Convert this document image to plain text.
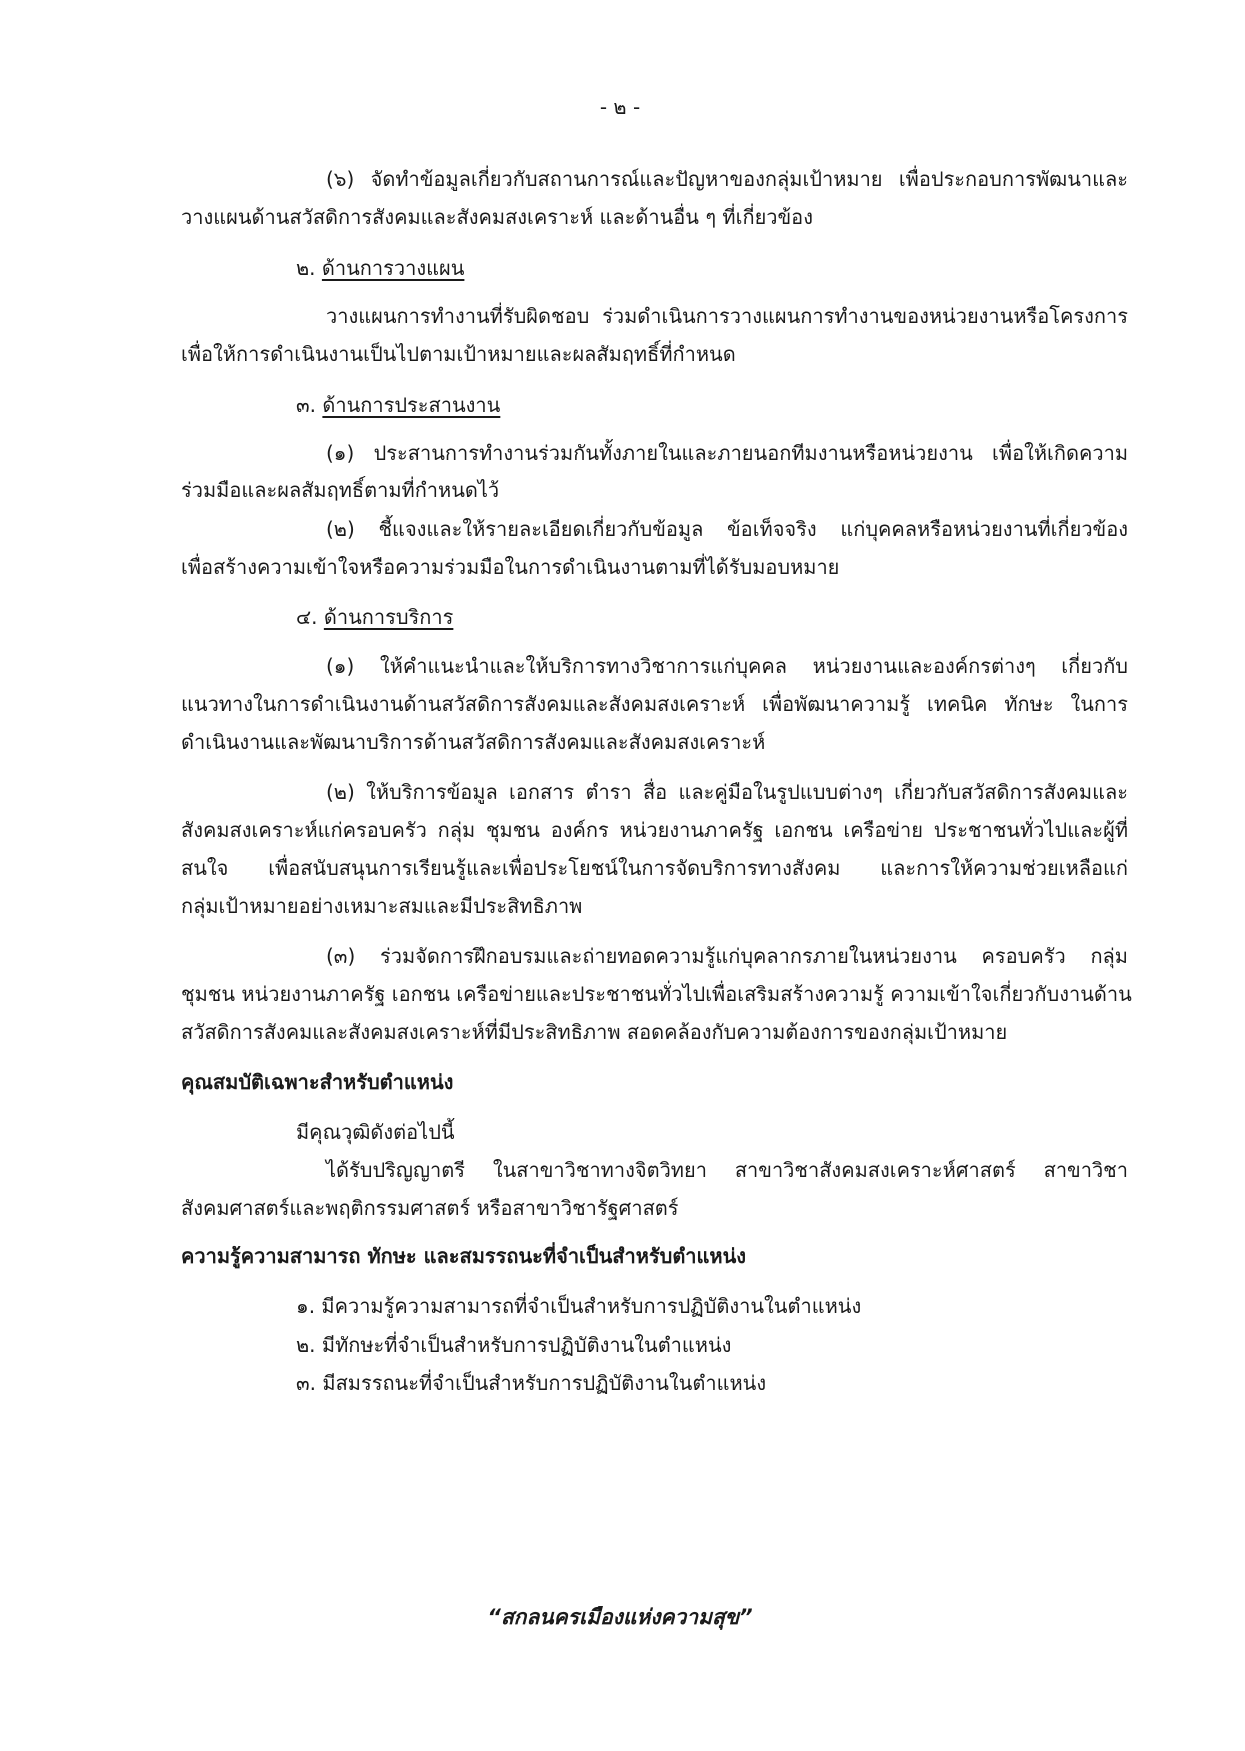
- ๒ -
(๖) จัดทำข้อมูลเกี่ยวกับสถานการณ์และปัญหาของกลุ่มเป้าหมาย เพื่อประกอบการพัฒนาและ
วางแผนด้านสวัสดิการสังคมและสังคมสงเคราะห์ และด้านอื่น ๆ ที่เกี่ยวข้อง
๒. ด้านการวางแผน
วางแผนการทำงานที่รับผิดชอบ ร่วมดำเนินการวางแผนการทำงานของหน่วยงานหรือโครงการ
เพื่อให้การดำเนินงานเป็นไปตามเป้าหมายและผลสัมฤทธิ์ที่กำหนด
๓. ด้านการประสานงาน
(๑) ประสานการทำงานร่วมกันทั้งภายในและภายนอกทีมงานหรือหน่วยงาน เพื่อให้เกิดความ
ร่วมมือและผลสัมฤทธิ์ตามที่กำหนดไว้
(๒) ชี้แจงและให้รายละเอียดเกี่ยวกับข้อมูล ข้อเท็จจริง แก่บุคคลหรือหน่วยงานที่เกี่ยวข้อง
เพื่อสร้างความเข้าใจหรือความร่วมมือในการดำเนินงานตามที่ได้รับมอบหมาย
๔. ด้านการบริการ
(๑) ให้คำแนะนำและให้บริการทางวิชาการแก่บุคคล หน่วยงานและองค์กรต่างๆ เกี่ยวกับ
แนวทางในการดำเนินงานด้านสวัสดิการสังคมและสังคมสงเคราะห์ เพื่อพัฒนาความรู้ เทคนิค ทักษะ ในการ
ดำเนินงานและพัฒนาบริการด้านสวัสดิการสังคมและสังคมสงเคราะห์
(๒) ให้บริการข้อมูล เอกสาร ตำรา สื่อ และคู่มือในรูปแบบต่างๆ เกี่ยวกับสวัสดิการสังคมและ
สังคมสงเคราะห์แก่ครอบครัว กลุ่ม ชุมชน องค์กร หน่วยงานภาครัฐ เอกชน เครือข่าย ประชาชนทั่วไปและผู้ที่
สนใจ เพื่อสนับสนุนการเรียนรู้และเพื่อประโยชน์ในการจัดบริการทางสังคม และการให้ความช่วยเหลือแก่
กลุ่มเป้าหมายอย่างเหมาะสมและมีประสิทธิภาพ
(๓) ร่วมจัดการฝึกอบรมและถ่ายทอดความรู้แก่บุคลากรภายในหน่วยงาน ครอบครัว กลุ่ม
ชุมชน หน่วยงานภาครัฐ เอกชน เครือข่ายและประชาชนทั่วไปเพื่อเสริมสร้างความรู้ ความเข้าใจเกี่ยวกับงานด้าน
สวัสดิการสังคมและสังคมสงเคราะห์ที่มีประสิทธิภาพ สอดคล้องกับความต้องการของกลุ่มเป้าหมาย
คุณสมบัติเฉพาะสำหรับตำแหน่ง
มีคุณวุฒิดังต่อไปนี้
ได้รับปริญญาตรี ในสาขาวิชาทางจิตวิทยา สาขาวิชาสังคมสงเคราะห์ศาสตร์ สาขาวิชา
สังคมศาสตร์และพฤติกรรมศาสตร์ หรือสาขาวิชารัฐศาสตร์
ความรู้ความสามารถ ทักษะ และสมรรถนะที่จำเป็นสำหรับตำแหน่ง
๑. มีความรู้ความสามารถที่จำเป็นสำหรับการปฏิบัติงานในตำแหน่ง
๒. มีทักษะที่จำเป็นสำหรับการปฏิบัติงานในตำแหน่ง
๓. มีสมรรถนะที่จำเป็นสำหรับการปฏิบัติงานในตำแหน่ง
“สกลนครเมืองแห่งความสุข”
